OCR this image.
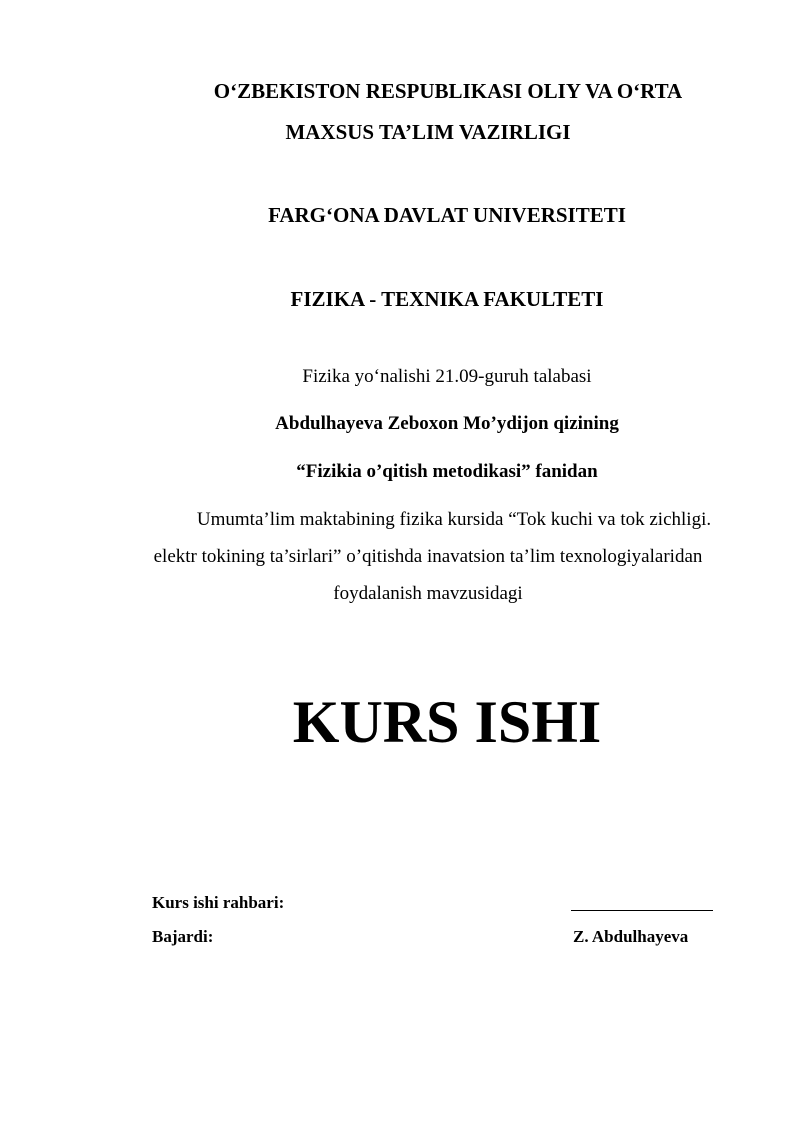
O‘ZBEKISTON RESPUBLIKASI OLIY VA O‘RTA
MAXSUS TA’LIM VAZIRLIGI
FARG‘ONA DAVLAT UNIVERSITETI
FIZIKA - TEXNIKA FAKULTETI
Fizika yo‘nalishi 21.09-guruh talabasi
Abdulhayeva Zeboxon Mo’ydijon qizining
“Fizikia o’qitish metodikasi” fanidan
Umumta’lim maktabining fizika kursida “Tok kuchi va tok zichligi.
elektr tokining ta’sirlari” o’qitishda inavatsion ta’lim texnologiyalaridan
foydalanish mavzusidagi
KURS ISHI
Kurs ishi rahbari:
Bajardi:	Z. Abdulhayeva
